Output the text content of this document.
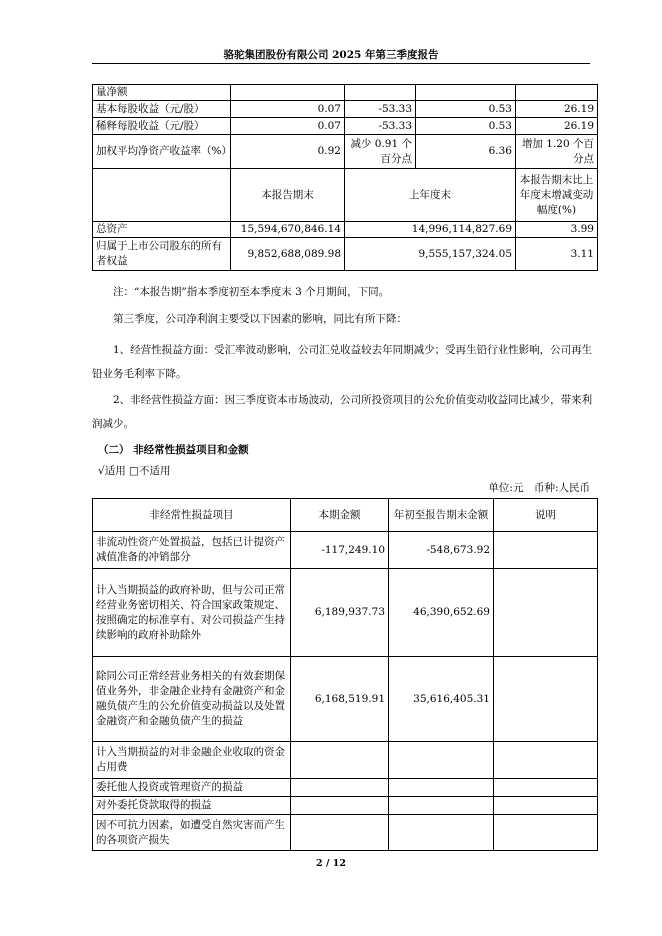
骆驼集团股份有限公司 2025 年第三季度报告
量净额				
基本每股收益（元/股）	0.07	-53.33	0.53	26.19
稀释每股收益（元/股）	0.07	-53.33	0.53	26.19
加权平均净资产收益率（%）	0.92	减少 0.91 个百分点	6.36	增加 1.20 个百分点
	本报告期末	上年度末		本报告期末比上年度末增减变动幅度(%)
总资产	15,594,670,846.14	14,996,114,827.69		3.99
归属于上市公司股东的所有者权益	9,852,688,089.98	9,555,157,324.05		3.11
注：“本报告期”指本季度初至本季度末 3 个月期间，下同。
第三季度，公司净利润主要受以下因素的影响，同比有所下降：
1、经营性损益方面：受汇率波动影响，公司汇兑收益较去年同期减少；受再生铅行业性影响，公司再生铅业务毛利率下降。
2、非经营性损益方面：因三季度资本市场波动，公司所投资项目的公允价值变动收益同比减少，带来利润减少。
（二） 非经常性损益项目和金额
√适用 □不适用
单位:元　币种:人民币
非经常性损益项目	本期金额	年初至报告期末金额	说明
非流动性资产处置损益，包括已计提资产减值准备的冲销部分	-117,249.10	-548,673.92	
计入当期损益的政府补助，但与公司正常经营业务密切相关、符合国家政策规定、按照确定的标准享有、对公司损益产生持续影响的政府补助除外	6,189,937.73	46,390,652.69	
除同公司正常经营业务相关的有效套期保值业务外，非金融企业持有金融资产和金融负债产生的公允价值变动损益以及处置金融资产和金融负债产生的损益	6,168,519.91	35,616,405.31	
计入当期损益的对非金融企业收取的资金占用费			
委托他人投资或管理资产的损益			
对外委托贷款取得的损益			
因不可抗力因素，如遭受自然灾害而产生的各项资产损失			
2 / 12
